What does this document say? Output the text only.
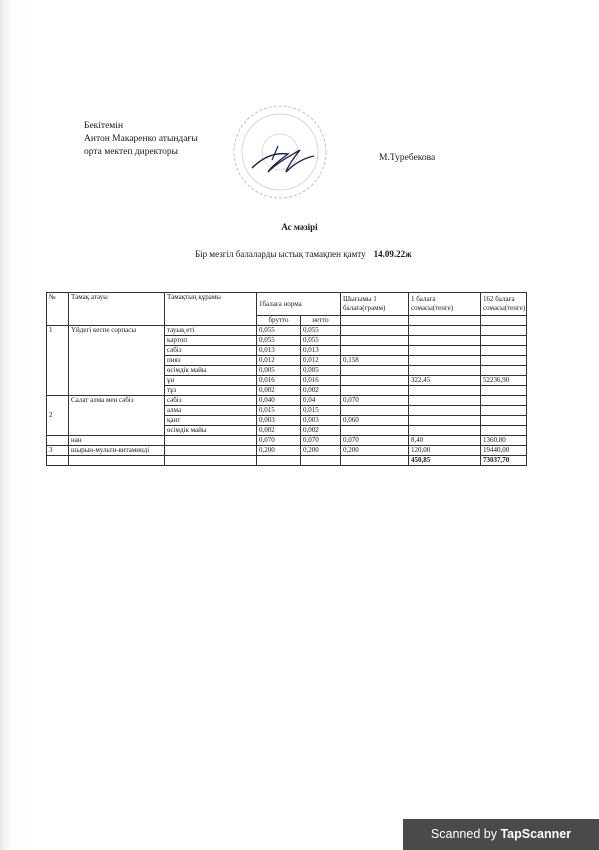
Бекітемін
Антон Макаренко атындағы
орта мектеп директоры
М.Туребекова
Ас мәзірі
Бір мезгіл балаларды ыстық тамақпен қамту 14.09.22ж
№	Тамақ атауы	Тамақтың құрамы	1балаға норма		Шығымы 1 балаға(грамм)	1 балаға сомасы(тенге)	162 балаға сомасы(тенге)
			брутто	нетто			
1	Үйдегі кеспе сорпасы	тауық еті	0,055	0,055			
		картоп	0,055	0,055			
		сәбіз	0,013	0,013			
		пияз	0,012	0,012	0,158		
		өсімдік майы	0,005	0,005			
		ұн	0,016	0,016		322,45	52236,90
		тұз	0,002	0,002			
2	Салат алма мен сәбіз	сәбіз	0,040	0,04	0,070		
		алма	0,015	0,015			
		қант	0,003	0,003	0,060		
		өсімдік майы	0,002	0,002			
	нан		0,070	0,070	0,070	8,40	1360,80
3	шырын-мульти-витаминді		0,200	0,200	0,200	120,00	19440,00
						450,85	73037,70
Scanned by TapScanner
